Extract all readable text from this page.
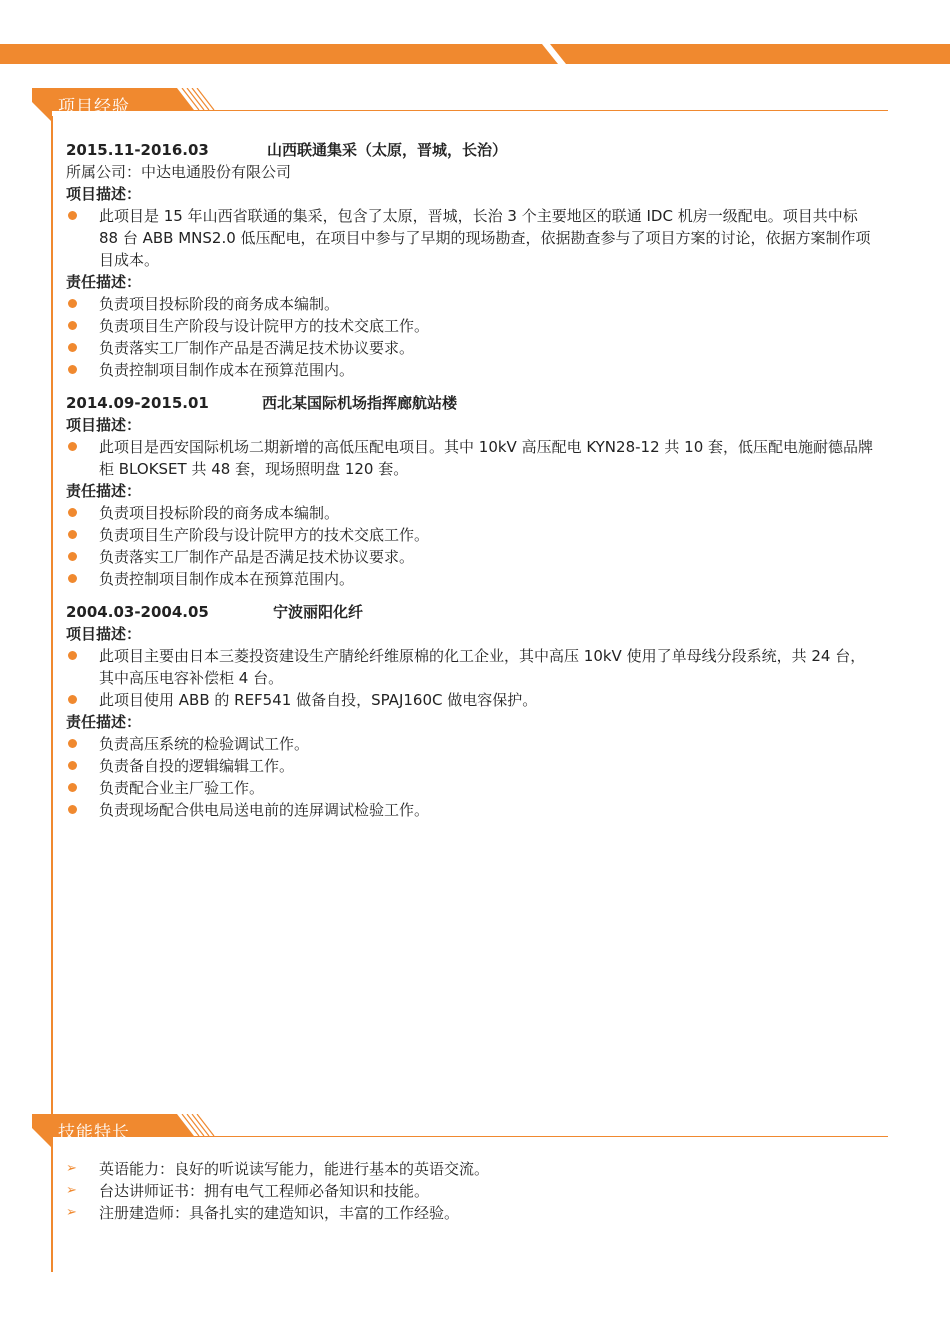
项目经验
2015.11-2016.03	山西联通集采（太原，晋城，长治）
所属公司：中达电通股份有限公司
项目描述：
此项目是 15 年山西省联通的集采，包含了太原，晋城，长治 3 个主要地区的联通 IDC 机房一级配电。项目共中标 88 台 ABB MNS2.0 低压配电，在项目中参与了早期的现场勘查，依据勘查参与了项目方案的讨论，依据方案制作项目成本。
责任描述：
负责项目投标阶段的商务成本编制。
负责项目生产阶段与设计院甲方的技术交底工作。
负责落实工厂制作产品是否满足技术协议要求。
负责控制项目制作成本在预算范围内。
2014.09-2015.01	西北某国际机场指挥廊航站楼
项目描述：
此项目是西安国际机场二期新增的高低压配电项目。其中 10kV 高压配电 KYN28-12 共 10 套，低压配电施耐德品牌柜 BLOKSET 共 48 套，现场照明盘 120 套。
责任描述：
负责项目投标阶段的商务成本编制。
负责项目生产阶段与设计院甲方的技术交底工作。
负责落实工厂制作产品是否满足技术协议要求。
负责控制项目制作成本在预算范围内。
2004.03-2004.05	宁波丽阳化纤
项目描述：
此项目主要由日本三菱投资建设生产腈纶纤维原棉的化工企业，其中高压 10kV 使用了单母线分段系统，共 24 台，其中高压电容补偿柜 4 台。
此项目使用 ABB 的 REF541 做备自投，SPAJ160C 做电容保护。
责任描述：
负责高压系统的检验调试工作。
负责备自投的逻辑编辑工作。
负责配合业主厂验工作。
负责现场配合供电局送电前的连屏调试检验工作。
技能特长
➢ 英语能力：良好的听说读写能力，能进行基本的英语交流。
➢ 台达讲师证书：拥有电气工程师必备知识和技能。
➢ 注册建造师：具备扎实的建造知识，丰富的工作经验。
